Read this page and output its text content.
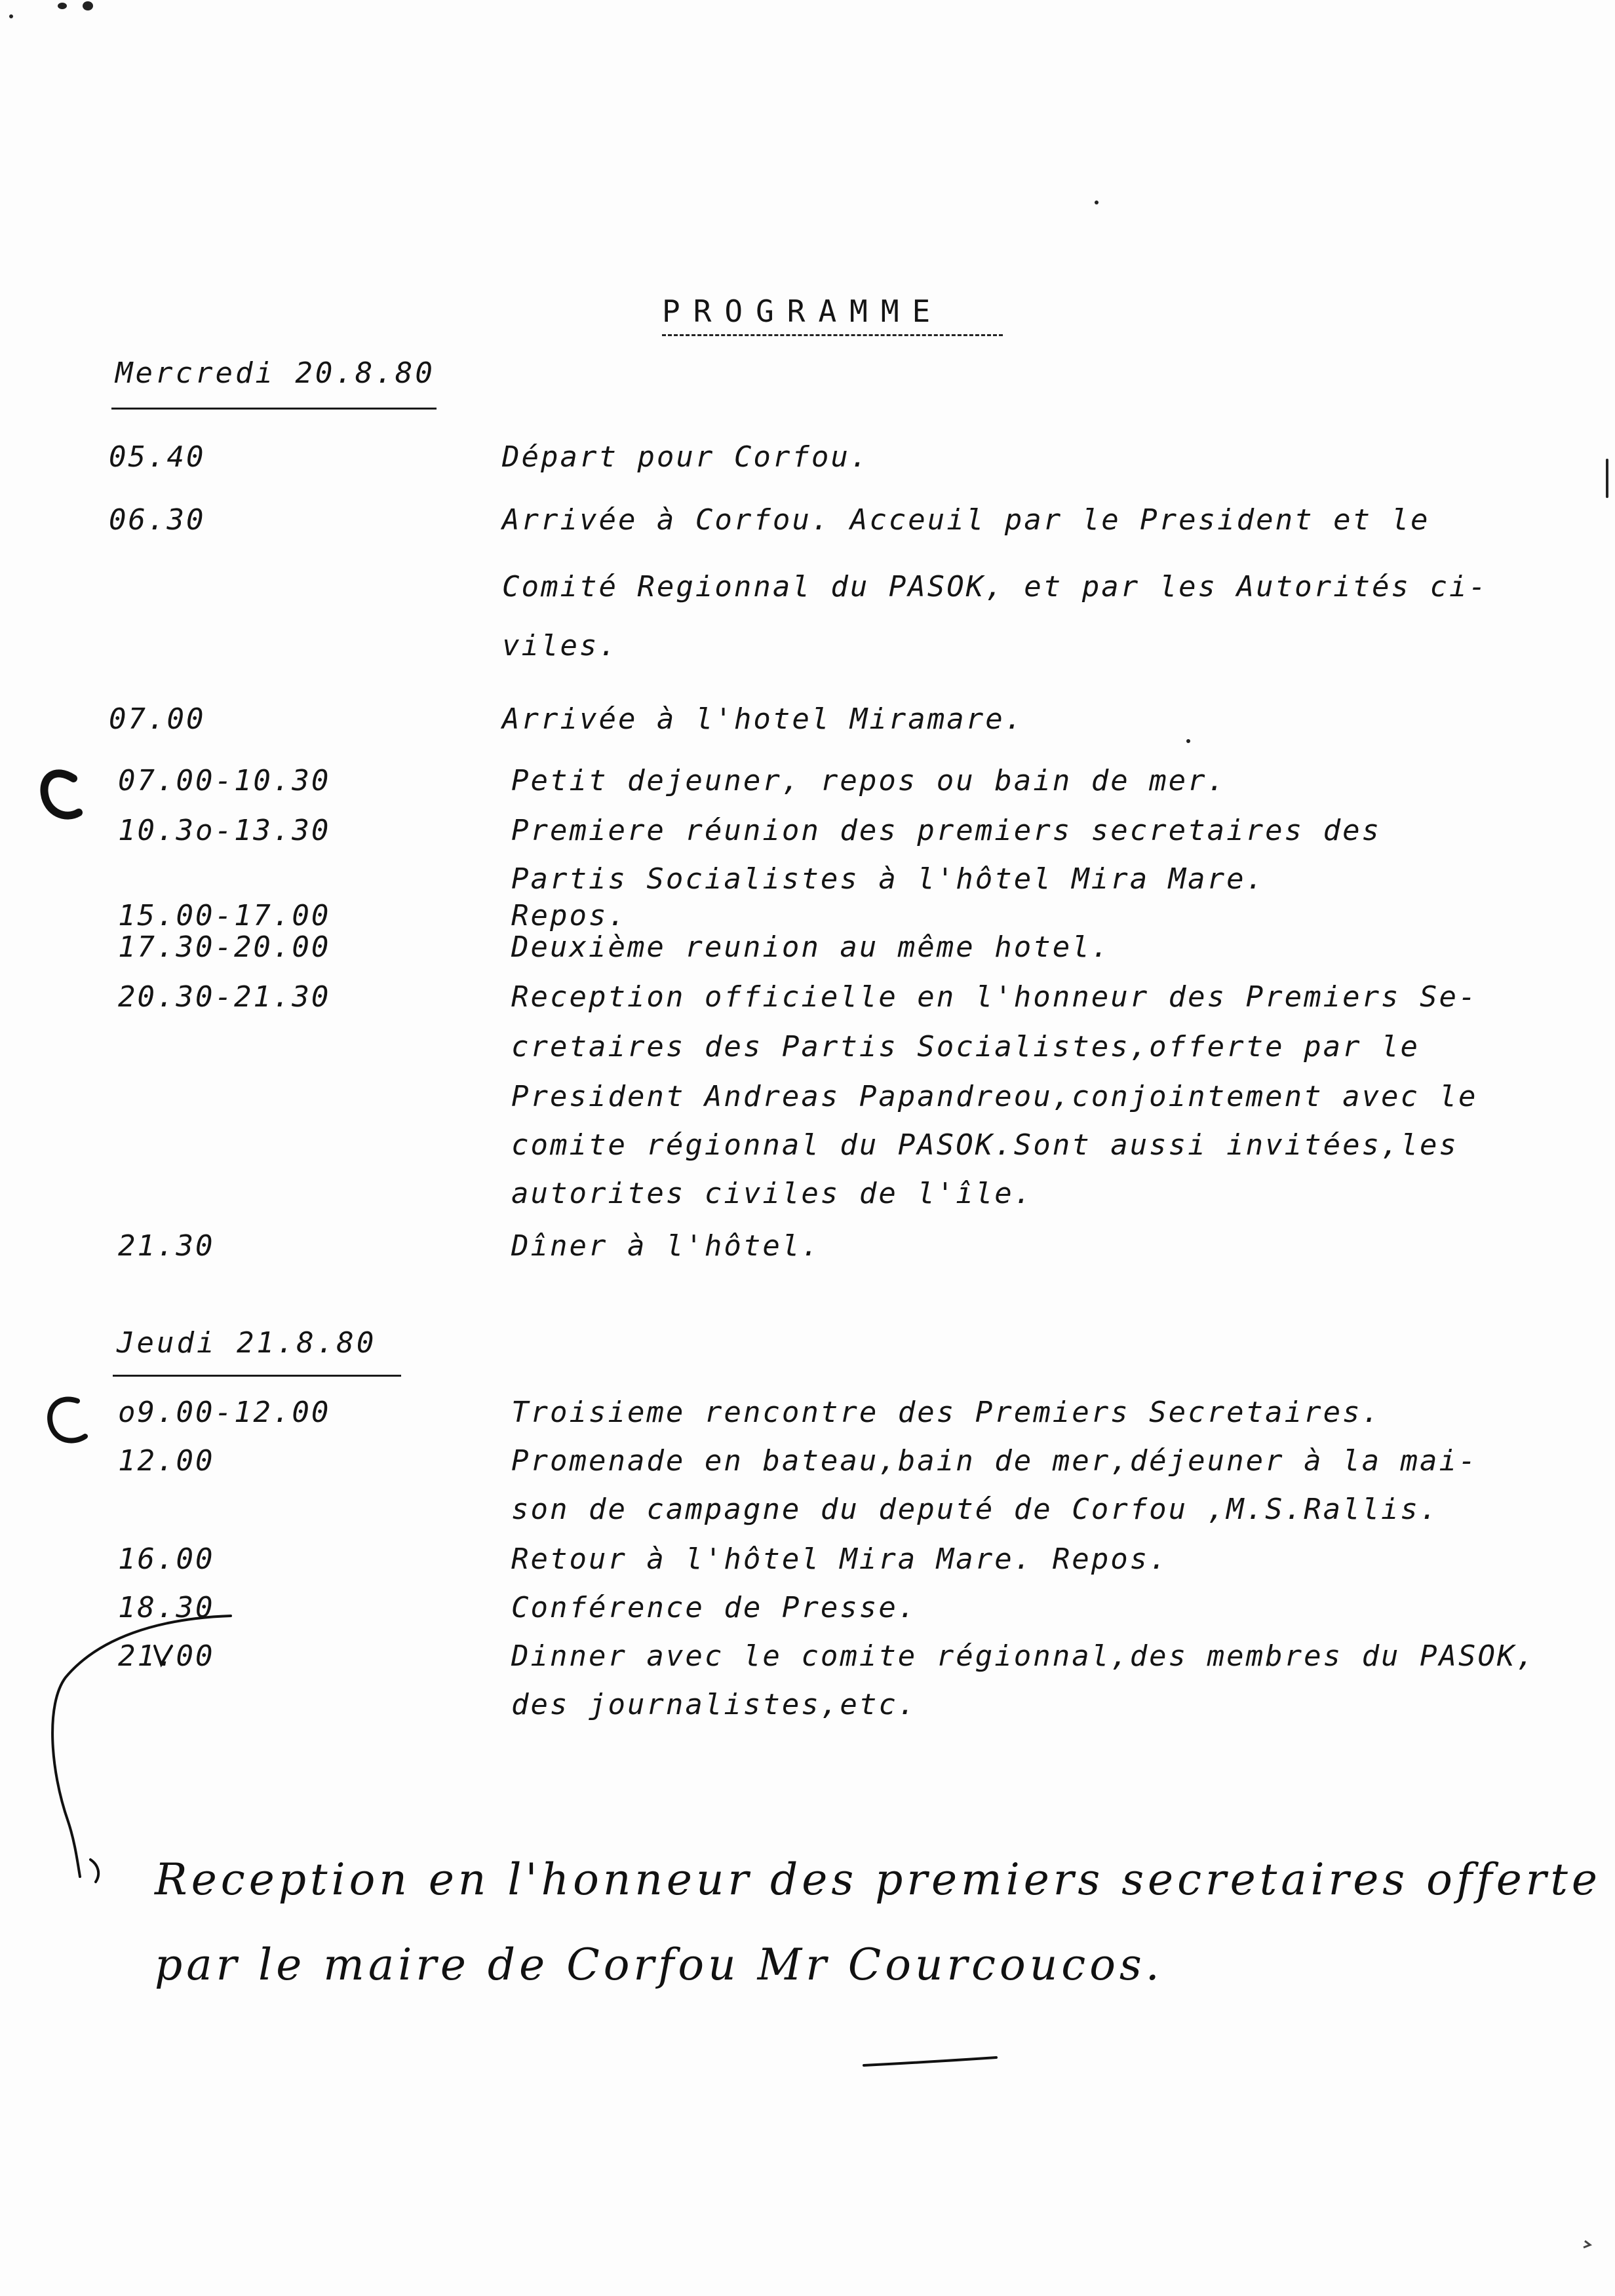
PROGRAMME
Mercredi 20.8.80
05.40	Départ pour Corfou.
06.30	Arrivée à Corfou. Acceuil par le President et le
Comité Regionnal du PASOK, et par les Autorités ci-
viles.
07.00	Arrivée à l'hotel Miramare.
07.00-10.30	Petit dejeuner, repos ou bain de mer.
10.3o-13.30	Premiere réunion des premiers secretaires des
Partis Socialistes à l'hôtel Mira Mare.
15.00-17.00	Repos.
17.30-20.00	Deuxième reunion au même hotel.
20.30-21.30	Reception officielle en l'honneur des Premiers Se-
cretaires des Partis Socialistes,offerte par le
President Andreas Papandreou,conjointement avec le
comite régionnal du PASOK.Sont aussi invitées,les
autorites civiles de l'île.
21.30	Dîner à l'hôtel.
Jeudi 21.8.80
o9.00-12.00	Troisieme rencontre des Premiers Secretaires.
12.00	Promenade en bateau,bain de mer,déjeuner à la mai-
son de campagne du deputé de Corfou ,M.S.Rallis.
16.00	Retour à l'hôtel Mira Mare. Repos.
18.30	Conférence de Presse.
21.00	Dinner avec le comite régionnal,des membres du PASOK,
des journalistes,etc.
Reception en l'honneur des premiers secretaires offerte
par le maire de Corfou Mr Courcoucos.
